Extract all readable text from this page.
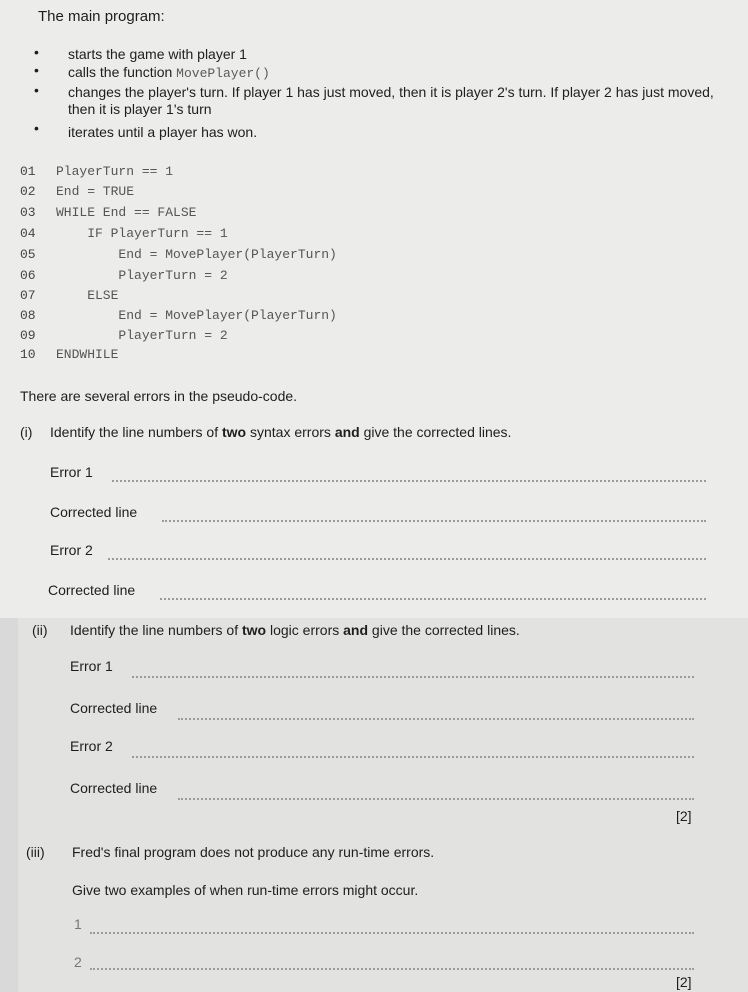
The main program:
• starts the game with player 1
• calls the function MovePlayer()
• changes the player's turn. If player 1 has just moved, then it is player 2's turn. If player 2 has just moved, then it is player 1's turn
• iterates until a player has won.
01 PlayerTurn == 1
02 End = TRUE
03 WHILE End == FALSE
04    IF PlayerTurn == 1
05        End = MovePlayer(PlayerTurn)
06        PlayerTurn = 2
07    ELSE
08        End = MovePlayer(PlayerTurn)
09        PlayerTurn = 2
10 ENDWHILE
There are several errors in the pseudo-code.
(i) Identify the line numbers of two syntax errors and give the corrected lines.
Error 1
Corrected line
Error 2
Corrected line
(ii) Identify the line numbers of two logic errors and give the corrected lines.
Error 1
Corrected line
Error 2
Corrected line
[2]
(iii) Fred's final program does not produce any run-time errors.
Give two examples of when run-time errors might occur.
1
2
[2]
